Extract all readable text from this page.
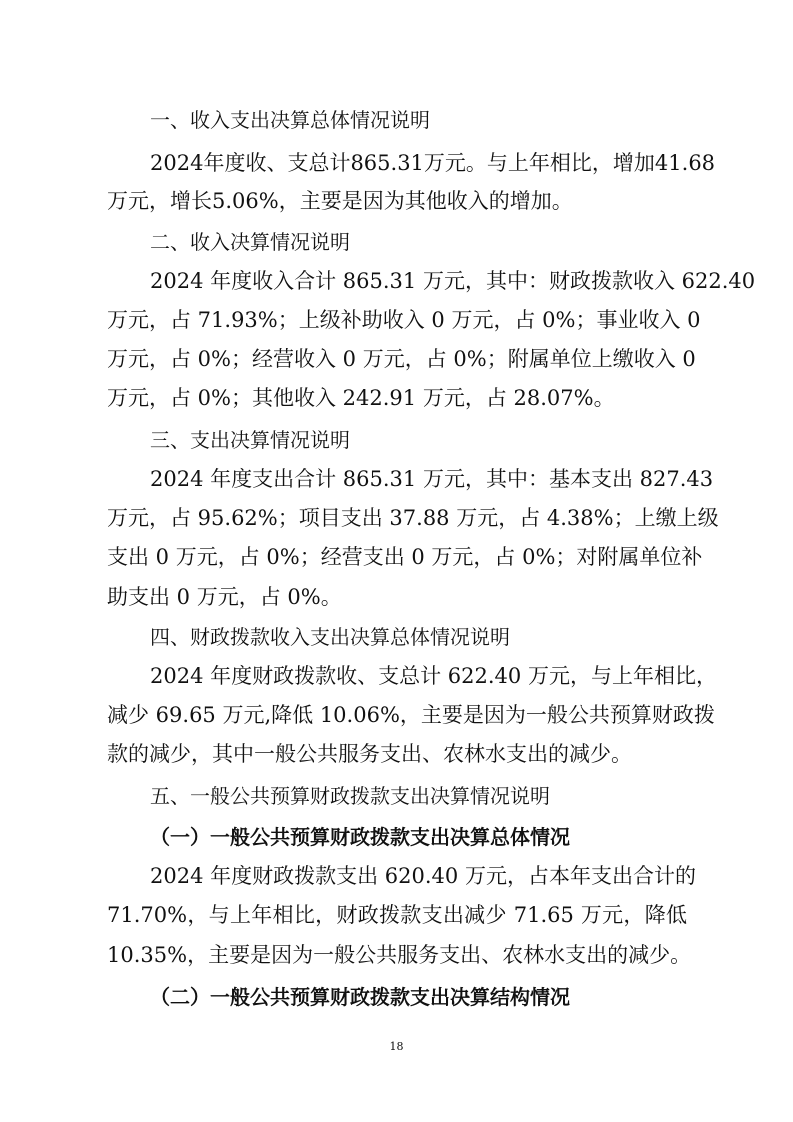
一、收入支出决算总体情况说明
2024年度收、支总计865.31万元。与上年相比，增加41.68
万元，增长5.06%，主要是因为其他收入的增加。
二、收入决算情况说明
2024 年度收入合计 865.31 万元，其中：财政拨款收入 622.40
万元，占 71.93%；上级补助收入 0 万元，占 0%；事业收入 0
万元，占 0%；经营收入 0 万元，占 0%；附属单位上缴收入 0
万元，占 0%；其他收入 242.91 万元，占 28.07%。
三、支出决算情况说明
2024 年度支出合计 865.31 万元，其中：基本支出 827.43
万元，占 95.62%；项目支出 37.88 万元，占 4.38%；上缴上级
支出 0 万元，占 0%；经营支出 0 万元，占 0%；对附属单位补
助支出 0 万元，占 0%。
四、财政拨款收入支出决算总体情况说明
2024 年度财政拨款收、支总计 622.40 万元，与上年相比，
减少 69.65 万元,降低 10.06%，主要是因为一般公共预算财政拨
款的减少，其中一般公共服务支出、农林水支出的减少。
五、一般公共预算财政拨款支出决算情况说明
（一）一般公共预算财政拨款支出决算总体情况
2024 年度财政拨款支出 620.40 万元，占本年支出合计的
71.70%，与上年相比，财政拨款支出减少 71.65 万元，降低
10.35%，主要是因为一般公共服务支出、农林水支出的减少。
（二）一般公共预算财政拨款支出决算结构情况
18
